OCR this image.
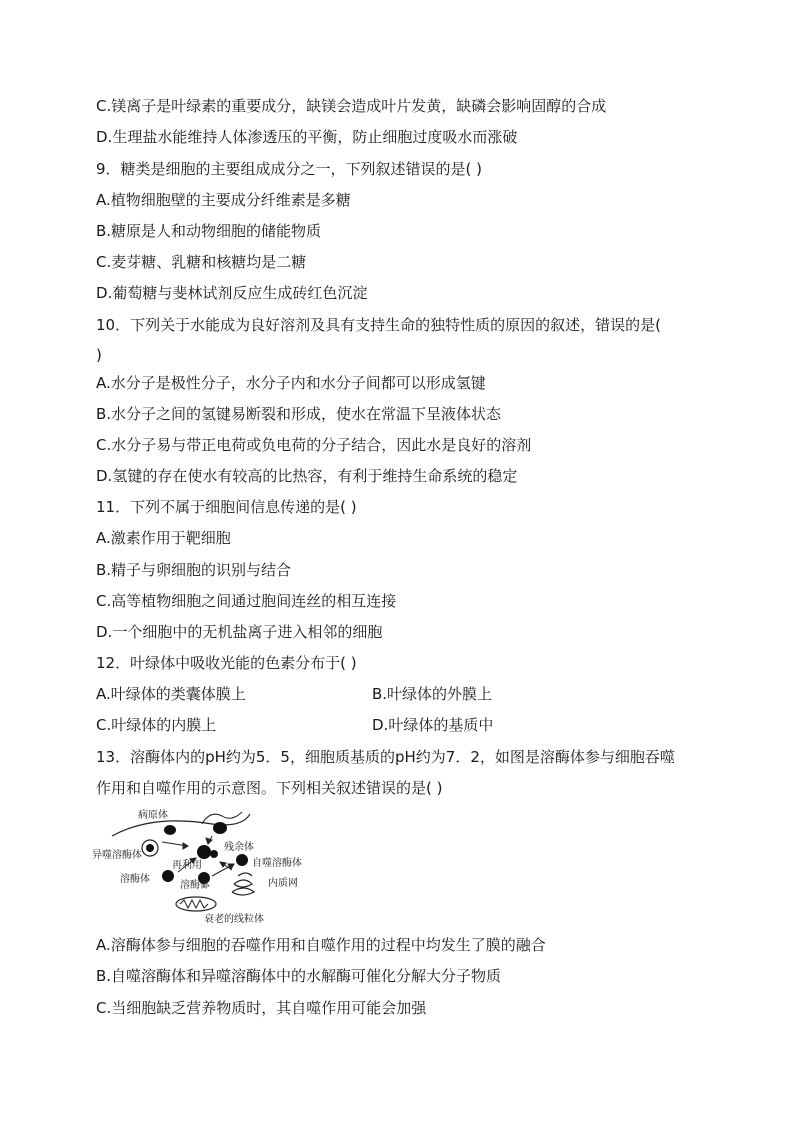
C.镁离子是叶绿素的重要成分，缺镁会造成叶片发黄，缺磷会影响固醇的合成
D.生理盐水能维持人体渗透压的平衡，防止细胞过度吸水而涨破
9．糖类是细胞的主要组成成分之一，下列叙述错误的是( )
A.植物细胞壁的主要成分纤维素是多糖
B.糖原是人和动物细胞的储能物质
C.麦芽糖、乳糖和核糖均是二糖
D.葡萄糖与斐林试剂反应生成砖红色沉淀
10．下列关于水能成为良好溶剂及具有支持生命的独特性质的原因的叙述，错误的是(
)
A.水分子是极性分子，水分子内和水分子间都可以形成氢键
B.水分子之间的氢键易断裂和形成，使水在常温下呈液体状态
C.水分子易与带正电荷或负电荷的分子结合，因此水是良好的溶剂
D.氢键的存在使水有较高的比热容，有利于维持生命系统的稳定
11．下列不属于细胞间信息传递的是( )
A.激素作用于靶细胞
B.精子与卵细胞的识别与结合
C.高等植物细胞之间通过胞间连丝的相互连接
D.一个细胞中的无机盐离子进入相邻的细胞
12．叶绿体中吸收光能的色素分布于( )
A.叶绿体的类囊体膜上	B.叶绿体的外膜上
C.叶绿体的内膜上	D.叶绿体的基质中
13．溶酶体内的pH约为5．5，细胞质基质的pH约为7．2，如图是溶酶体参与细胞吞噬
作用和自噬作用的示意图。下列相关叙述错误的是( )
病原体
异噬溶酶体
残余体
再利用	自噬溶酶体
溶酶体
溶酶体	内质网
衰老的线粒体
A.溶酶体参与细胞的吞噬作用和自噬作用的过程中均发生了膜的融合
B.自噬溶酶体和异噬溶酶体中的水解酶可催化分解大分子物质
C.当细胞缺乏营养物质时，其自噬作用可能会加强
